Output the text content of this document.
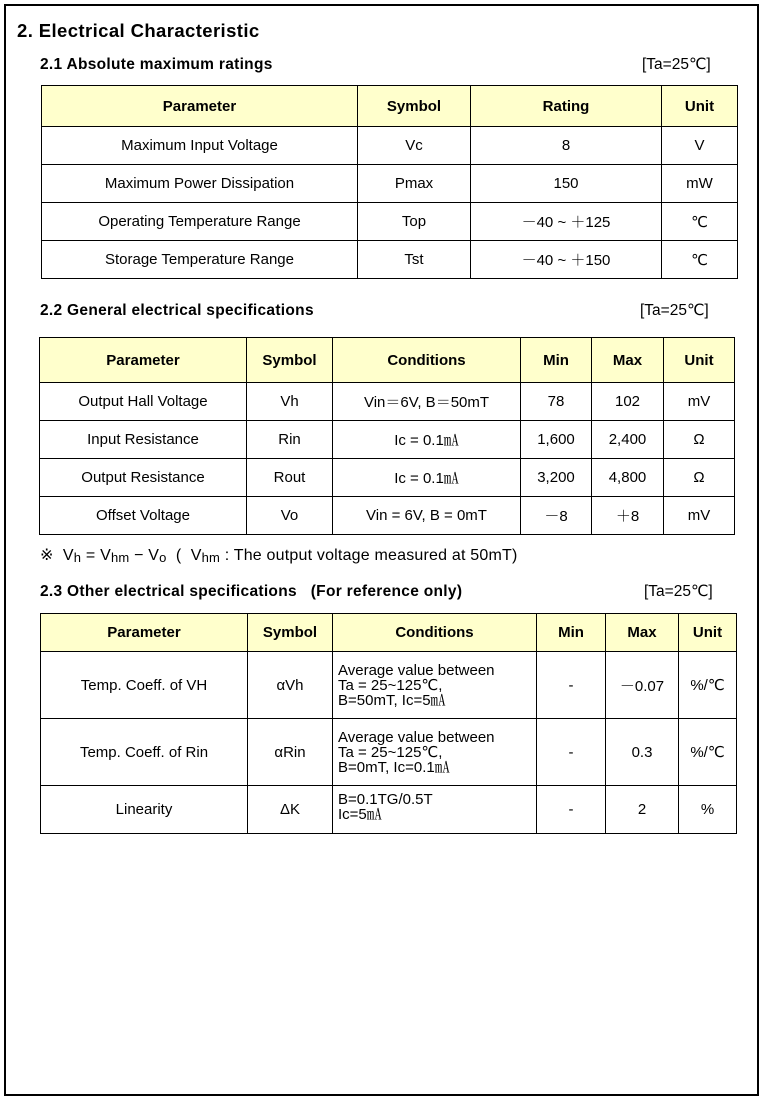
2. Electrical Characteristic
2.1 Absolute maximum ratings	[Ta=25℃]
Parameter	Symbol	Rating	Unit
Maximum Input Voltage	Vc	8	V
Maximum Power Dissipation	Pmax	150	mW
Operating Temperature Range	Top	－40 ~ ＋125	℃
Storage Temperature Range	Tst	－40 ~ ＋150	℃
2.2 General electrical specifications	[Ta=25℃]
Parameter	Symbol	Conditions	Min	Max	Unit
Output Hall Voltage	Vh	Vin＝6V, B＝50mT	78	102	mV
Input Resistance	Rin	Ic = 0.1㎃	1,600	2,400	Ω
Output Resistance	Rout	Ic = 0.1㎃	3,200	4,800	Ω
Offset Voltage	Vo	Vin = 6V, B = 0mT	－8	＋8	mV
※ Vh = Vhm − Vo ( Vhm : The output voltage measured at 50mT)
2.3 Other electrical specifications (For reference only)	[Ta=25℃]
Parameter	Symbol	Conditions	Min	Max	Unit
Temp. Coeff. of VH	αVh	Average value between
Ta = 25~125℃,
B=50mT, Ic=5㎃	-	－0.07	%/℃
Temp. Coeff. of Rin	αRin	Average value between
Ta = 25~125℃,
B=0mT, Ic=0.1㎃	-	0.3	%/℃
Linearity	ΔK	B=0.1TG/0.5T
Ic=5㎃	-	2	%
